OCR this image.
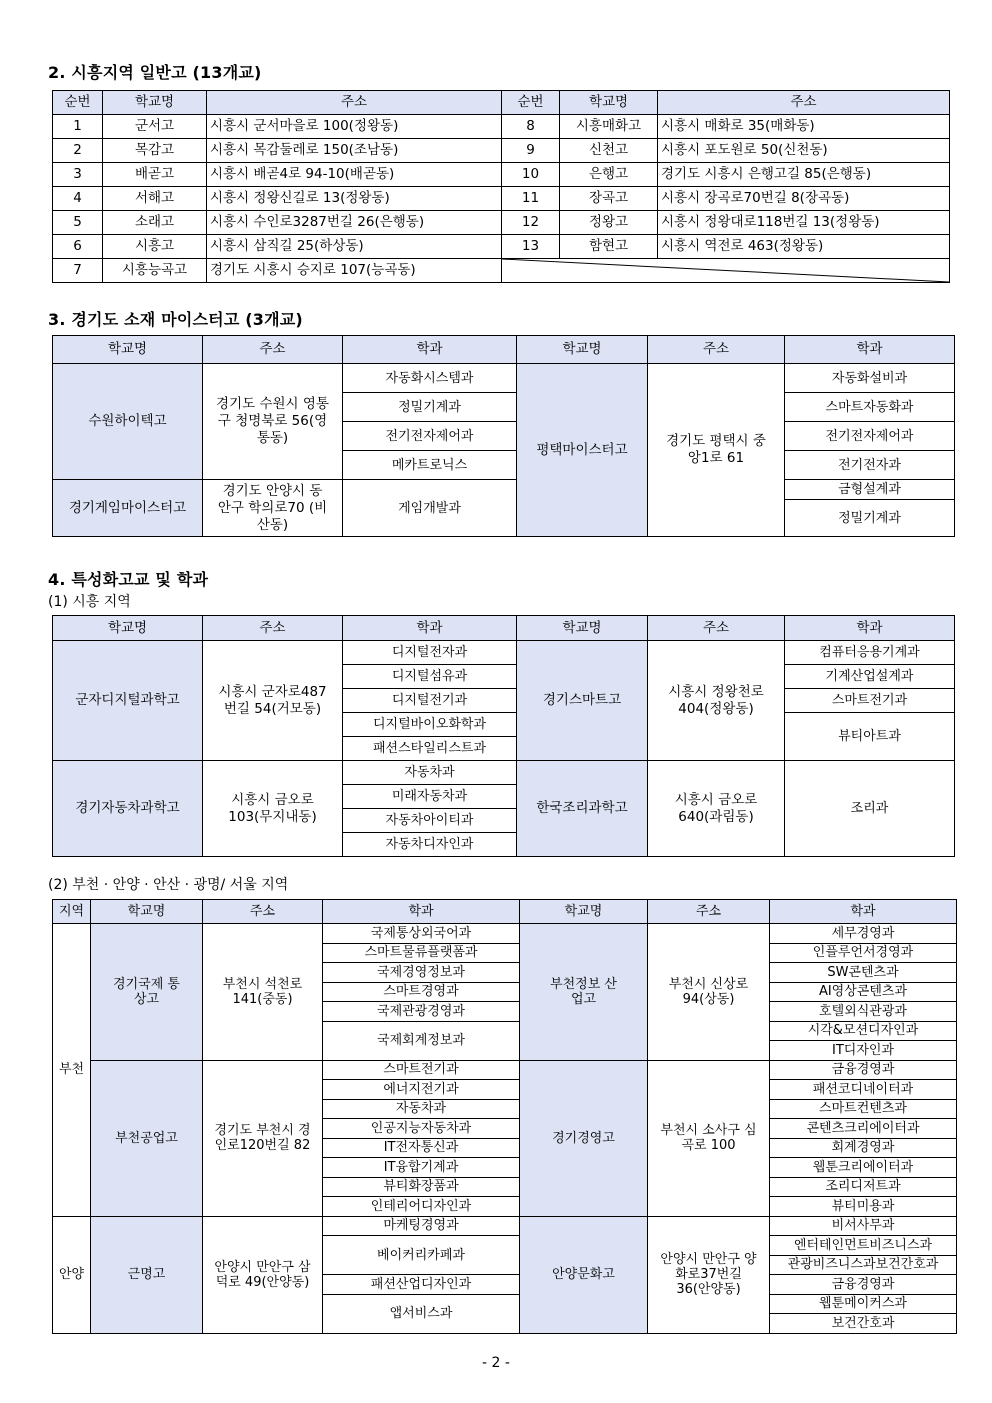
2. 시흥지역 일반고 (13개교)
순번	학교명	주소	순번	학교명	주소
1	군서고	시흥시 군서마을로 100(정왕동)	8	시흥매화고	시흥시 매화로 35(매화동)
2	목감고	시흥시 목감둘레로 150(조남동)	9	신천고	시흥시 포도원로 50(신천동)
3	배곧고	시흥시 배곧4로 94-10(배곧동)	10	은행고	경기도 시흥시 은행고길 85(은행동)
4	서해고	시흥시 정왕신길로 13(정왕동)	11	장곡고	시흥시 장곡로70번길 8(장곡동)
5	소래고	시흥시 수인로3287번길 26(은행동)	12	정왕고	시흥시 정왕대로118번길 13(정왕동)
6	시흥고	시흥시 삼직길 25(하상동)	13	함현고	시흥시 역전로 463(정왕동)
7	시흥능곡고	경기도 시흥시 승지로 107(능곡동)	
3. 경기도 소재 마이스터고 (3개교)
학교명	주소	학과	학교명	주소	학과
수원하이텍고	경기도 수원시 영통구 청명북로 56(영통동)	자동화시스템과	평택마이스터고	경기도 평택시 중앙1로 61	자동화설비과
		정밀기계과			스마트자동화과
		전기전자제어과			전기전자제어과
		메카트로닉스			전기전자과
경기게임마이스터고	경기도 안양시 동안구 학의로70 (비산동)	게임개발과			금형설계과
					정밀기계과
4. 특성화고교 및 학과
(1) 시흥 지역
학교명	주소	학과	학교명	주소	학과
군자디지털과학고	시흥시 군자로487번길 54(거모동)	디지털전자과	경기스마트고	시흥시 정왕천로 404(정왕동)	컴퓨터응용기계과
		디지털섬유과			기계산업설계과
		디지털전기과			스마트전기과
		디지털바이오화학과			뷰티아트과
		패션스타일리스트과			
경기자동차과학고	시흥시 금오로 103(무지내동)	자동차과	한국조리과학고	시흥시 금오로 640(과림동)	조리과
		미래자동차과			
		자동차아이티과			
		자동차디자인과			
(2) 부천 · 안양 · 안산 · 광명/ 서울 지역
지역	학교명	주소	학과	학교명	주소	학과
부천	경기국제 통상고	부천시 석천로 141(중동)	국제통상외국어과	부천정보 산업고	부천시 신상로 94(상동)	세무경영과
			스마트물류플랫폼과			인플루언서경영과
			국제경영정보과			SW콘텐츠과
			스마트경영과			AI영상콘텐츠과
			국제관광경영과			호텔외식관광과
			국제회계정보과			시각&모션디자인과
						IT디자인과
	부천공업고	경기도 부천시 경인로120번길 82	스마트전기과	경기경영고	부천시 소사구 심곡로 100	금융경영과
			에너지전기과			패션코디네이터과
			자동차과			스마트컨텐츠과
			인공지능자동차과			콘텐츠크리에이터과
			IT전자통신과			회계경영과
			IT융합기계과			웹툰크리에이터과
			뷰티화장품과			조리디저트과
			인테리어디자인과			뷰티미용과
안양	근명고	안양시 만안구 삼덕로 49(안양동)	마케팅경영과	안양문화고	안양시 만안구 양화로37번길 36(안양동)	비서사무과
			베이커리카페과			엔터테인먼트비즈니스과
						관광비즈니스과보건간호과
			패션산업디자인과			금융경영과
			앱서비스과			웹툰메이커스과
						보건간호과
- 2 -
